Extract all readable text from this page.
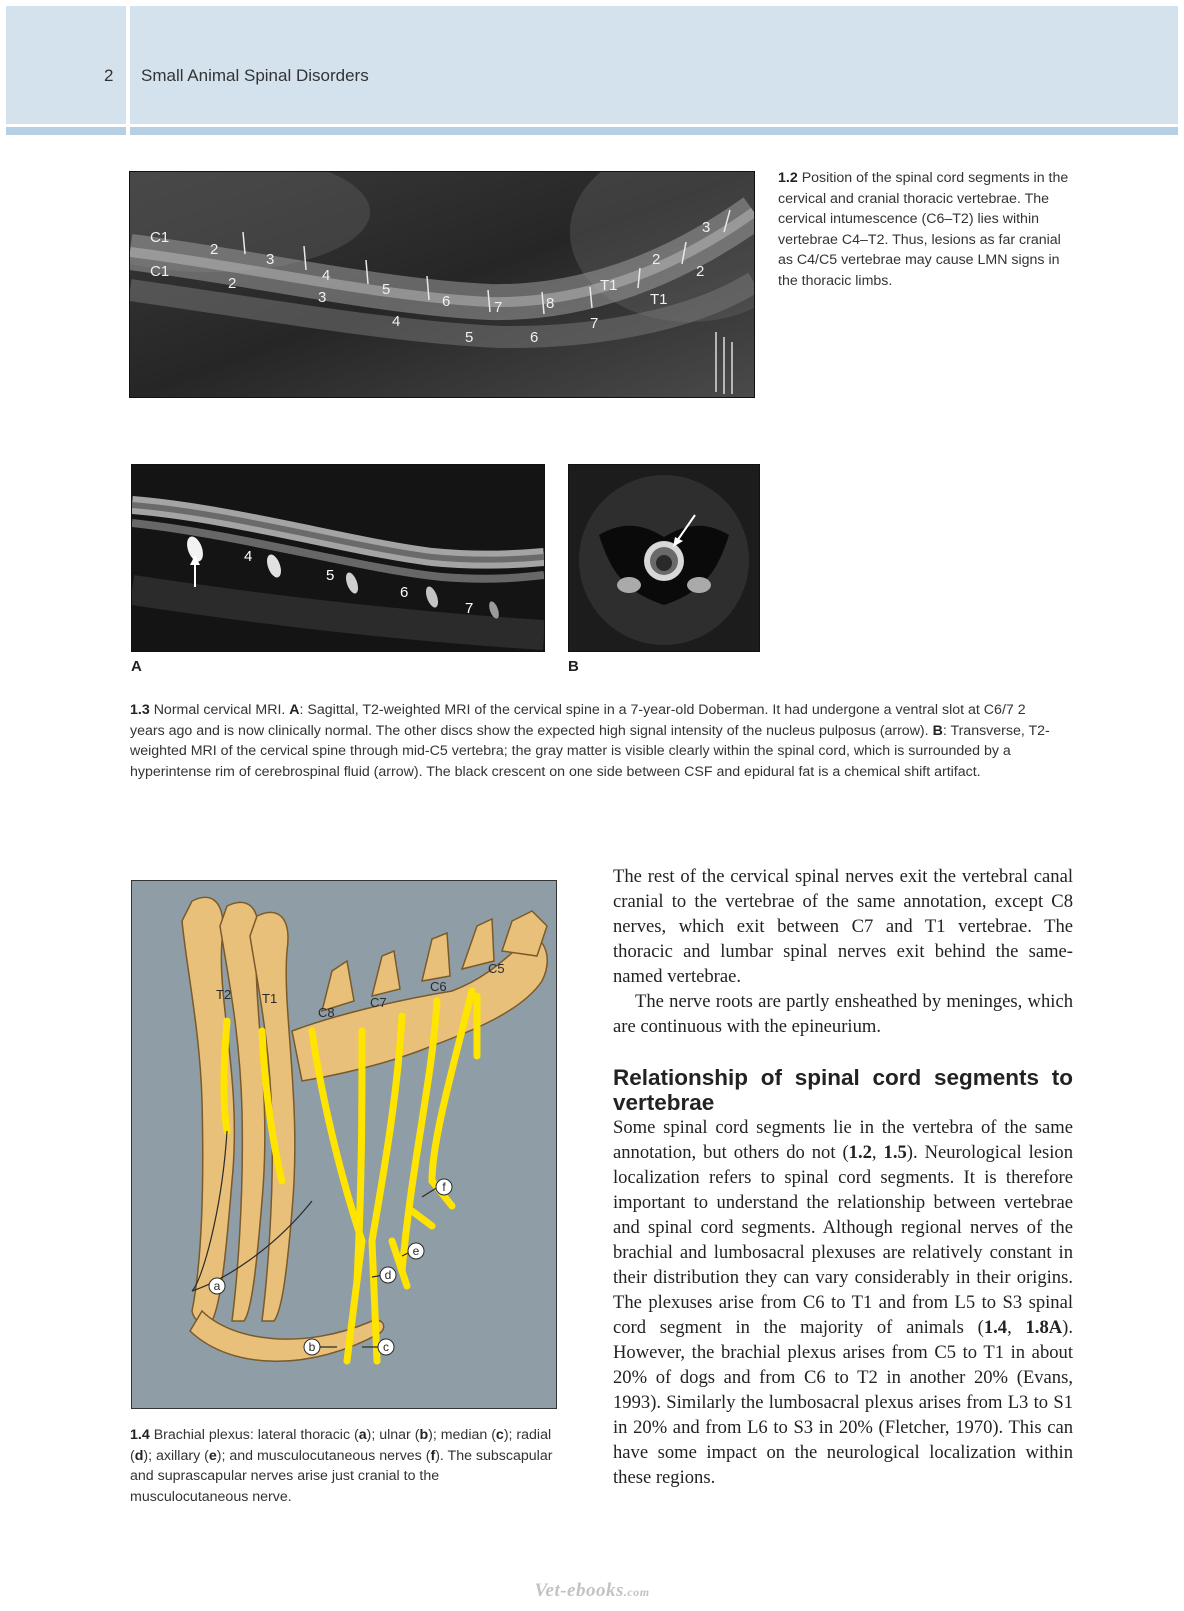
2 Small Animal Spinal Disorders
C1
2
3
4
5
6	7	8
T1
2
3
C1
2
3
4
5	6
7
T1
2
1.2 Position of the spinal cord segments in the cervical and cranial thoracic vertebrae. The cervical intumescence (C6–T2) lies within vertebrae C4–T2. Thus, lesions as far cranial as C4/C5 vertebrae may cause LMN signs in the thoracic limbs.
4
5
6
7
A	B
1.3 Normal cervical MRI. A: Sagittal, T2-weighted MRI of the cervical spine in a 7-year-old Doberman. It had undergone a ventral slot at C6/7 2 years ago and is now clinically normal. The other discs show the expected high signal intensity of the nucleus pulposus (arrow). B: Transverse, T2-weighted MRI of the cervical spine through mid-C5 vertebra; the gray matter is visible clearly within the spinal cord, which is surrounded by a hyperintense rim of cerebrospinal fluid (arrow). The black crescent on one side between CSF and epidural fat is a chemical shift artifact.
T2 T1
C8
C7
C6
C5
a
b	c
d
e
f
1.4 Brachial plexus: lateral thoracic (a); ulnar (b); median (c); radial (d); axillary (e); and musculocutaneous nerves (f). The subscapular and suprascapular nerves arise just cranial to the musculocutaneous nerve.

The rest of the cervical spinal nerves exit the vertebral canal cranial to the vertebrae of the same annotation, except C8 nerves, which exit between C7 and T1 vertebrae. The thoracic and lumbar spinal nerves exit behind the same-named vertebrae.

The nerve roots are partly ensheathed by meninges, which are continuous with the epineurium.

Relationship of spinal cord segments to vertebrae

Some spinal cord segments lie in the vertebra of the same annotation, but others do not (1.2, 1.5). Neurological lesion localization refers to spinal cord segments. It is therefore important to understand the relationship between vertebrae and spinal cord segments. Although regional nerves of the brachial and lumbosacral plexuses are relatively constant in their distribution they can vary considerably in their origins. The plexuses arise from C6 to T1 and from L5 to S3 spinal cord segment in the majority of animals (1.4, 1.8A). However, the brachial plexus arises from C5 to T1 in about 20% of dogs and from C6 to T2 in another 20% (Evans, 1993). Similarly the lumbosacral plexus arises from L3 to S1 in 20% and from L6 to S3 in 20% (Fletcher, 1970). This can have some impact on the neurological localization within these regions.

Vet-ebooks.com
